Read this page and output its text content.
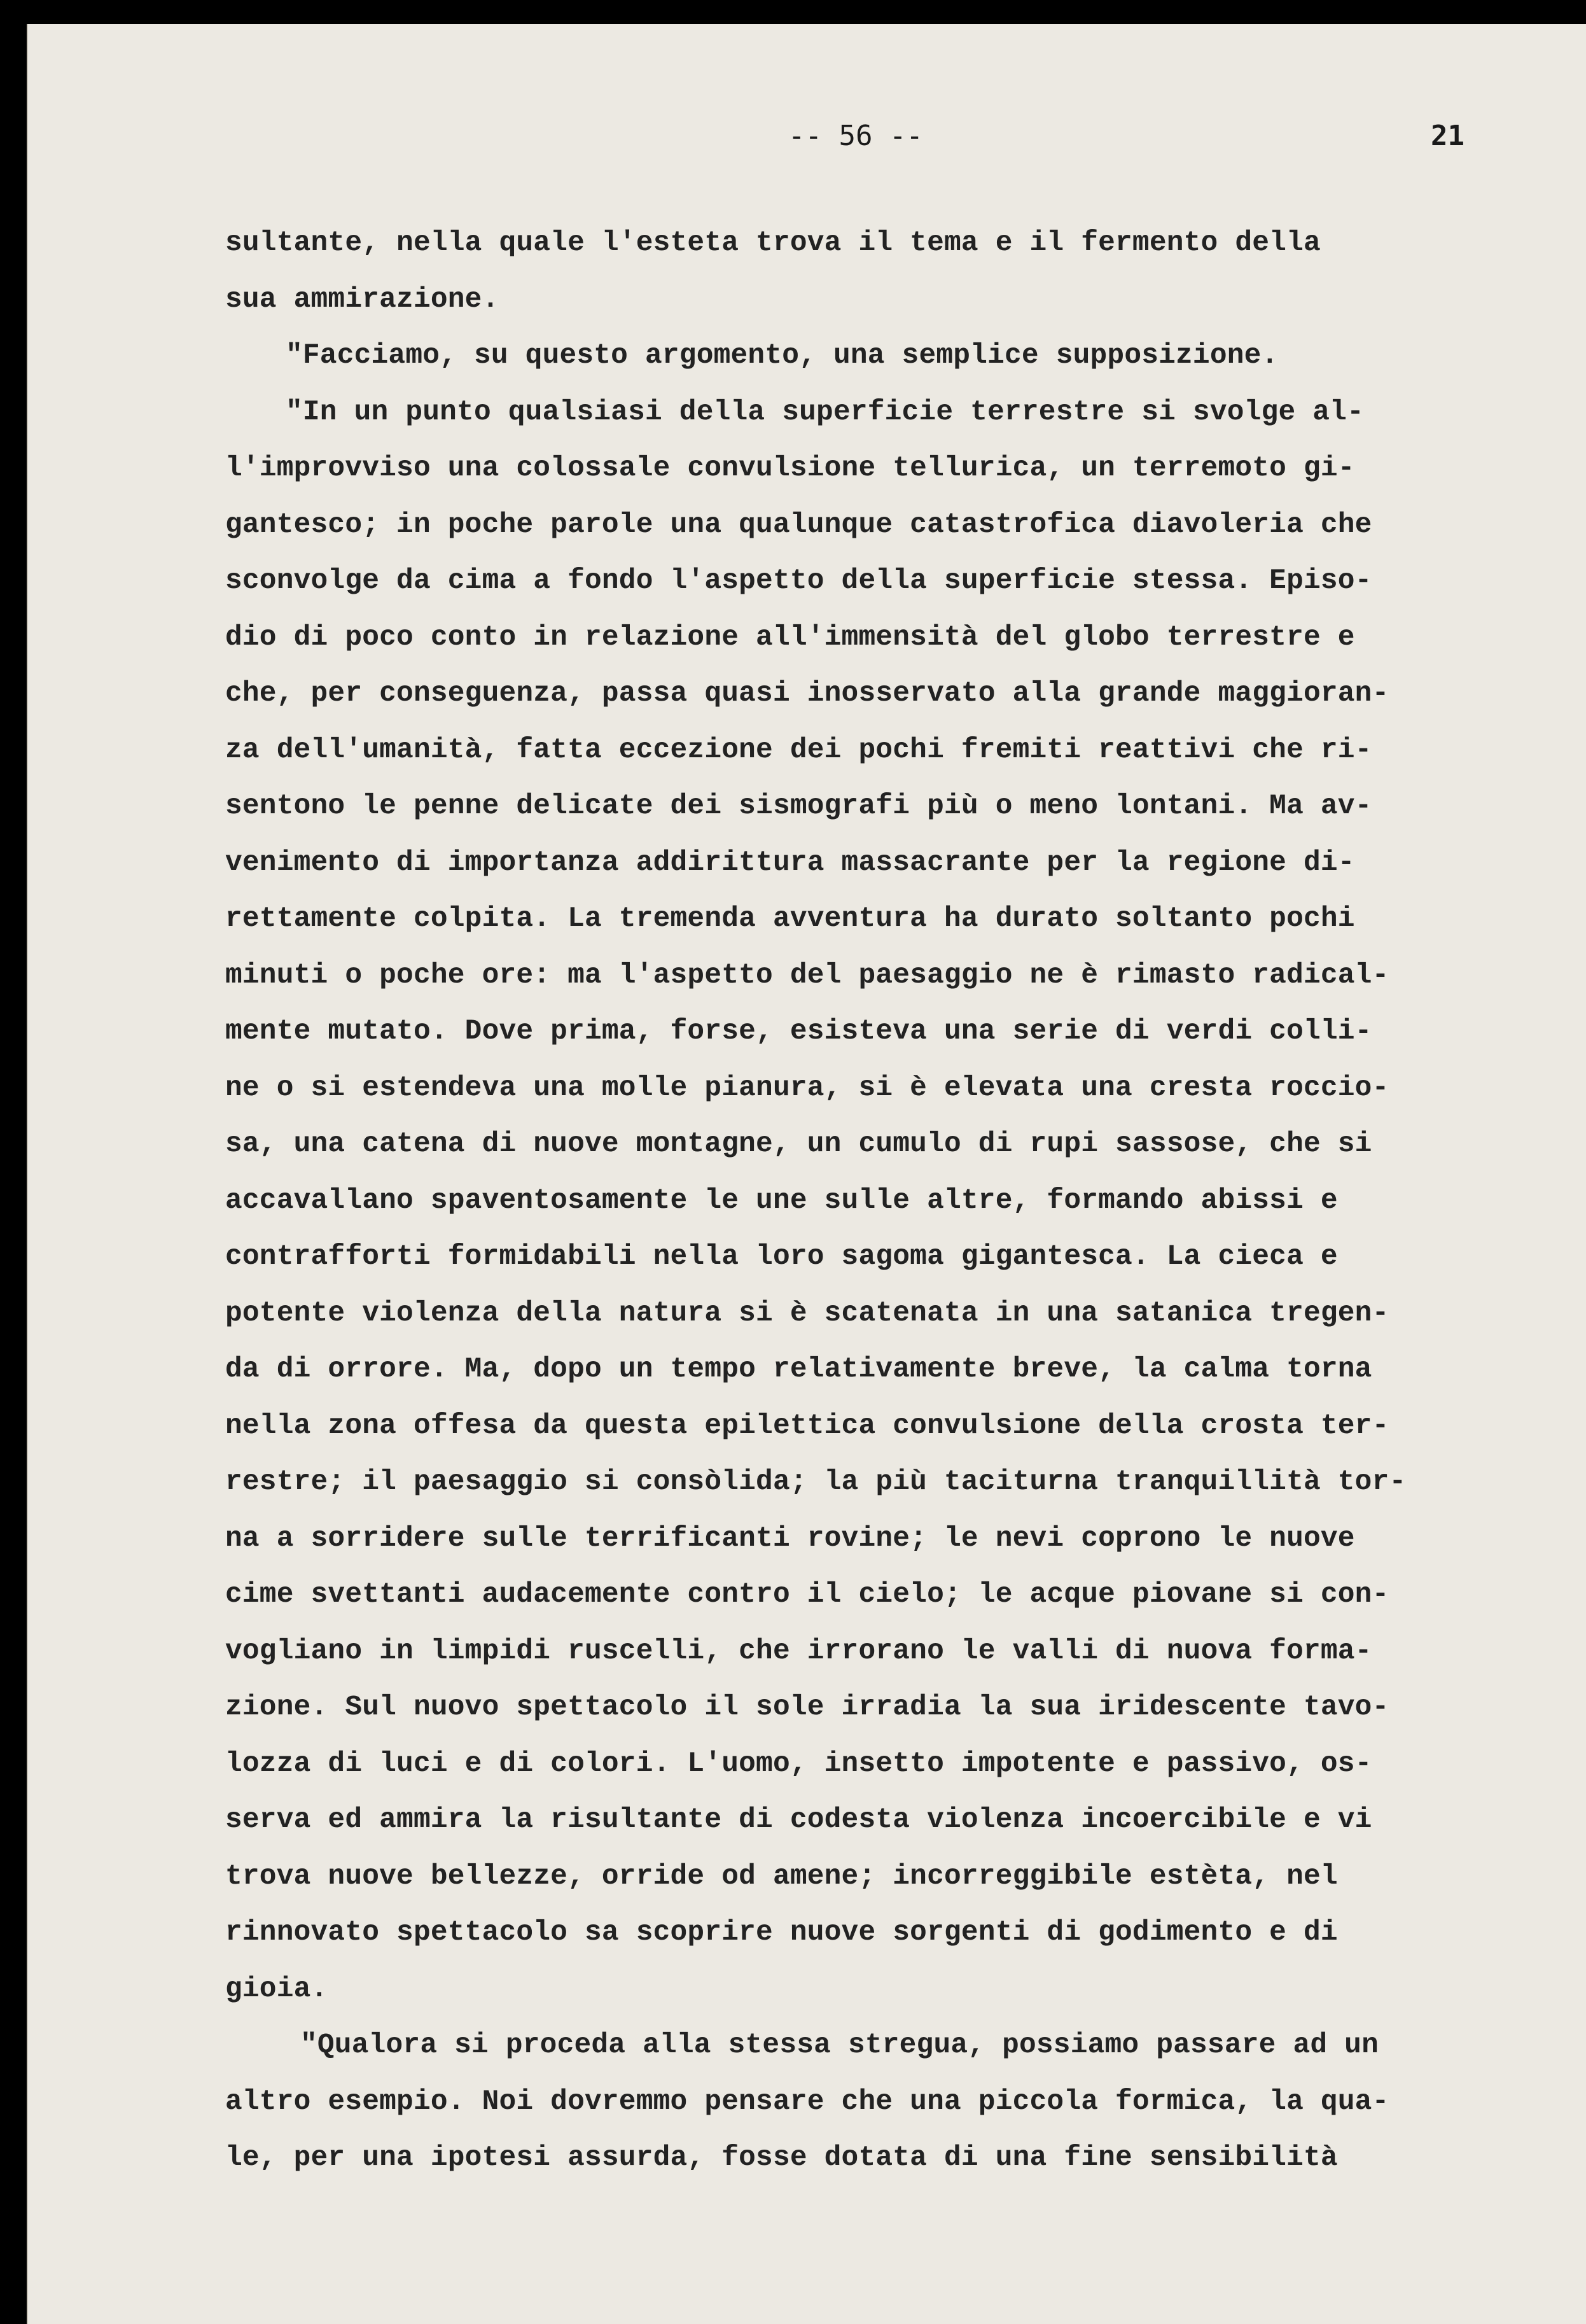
-- 56 --	21
sultante, nella quale l'esteta trova il tema e il fermento della
sua ammirazione.
"Facciamo, su questo argomento, una semplice supposizione.
"In un punto qualsiasi della superficie terrestre si svolge al-
l'improvviso una colossale convulsione tellurica, un terremoto gi-
gantesco; in poche parole una qualunque catastrofica diavoleria che
sconvolge da cima a fondo l'aspetto della superficie stessa. Episo-
dio di poco conto in relazione all'immensità del globo terrestre e
che, per conseguenza, passa quasi inosservato alla grande maggioran-
za dell'umanità, fatta eccezione dei pochi fremiti reattivi che ri-
sentono le penne delicate dei sismografi più o meno lontani. Ma av-
venimento di importanza addirittura massacrante per la regione di-
rettamente colpita. La tremenda avventura ha durato soltanto pochi
minuti o poche ore: ma l'aspetto del paesaggio ne è rimasto radical-
mente mutato. Dove prima, forse, esisteva una serie di verdi colli-
ne o si estendeva una molle pianura, si è elevata una cresta roccio-
sa, una catena di nuove montagne, un cumulo di rupi sassose, che si
accavallano spaventosamente le une sulle altre, formando abissi e
contrafforti formidabili nella loro sagoma gigantesca. La cieca e
potente violenza della natura si è scatenata in una satanica tregen-
da di orrore. Ma, dopo un tempo relativamente breve, la calma torna
nella zona offesa da questa epilettica convulsione della crosta ter-
restre; il paesaggio si consòlida; la più taciturna tranquillità tor-
na a sorridere sulle terrificanti rovine; le nevi coprono le nuove
cime svettanti audacemente contro il cielo; le acque piovane si con-
vogliano in limpidi ruscelli, che irrorano le valli di nuova forma-
zione. Sul nuovo spettacolo il sole irradia la sua iridescente tavo-
lozza di luci e di colori. L'uomo, insetto impotente e passivo, os-
serva ed ammira la risultante di codesta violenza incoercibile e vi
trova nuove bellezze, orride od amene; incorreggibile estèta, nel
rinnovato spettacolo sa scoprire nuove sorgenti di godimento e di
gioia.
"Qualora si proceda alla stessa stregua, possiamo passare ad un
altro esempio. Noi dovremmo pensare che una piccola formica, la qua-
le, per una ipotesi assurda, fosse dotata di una fine sensibilità
